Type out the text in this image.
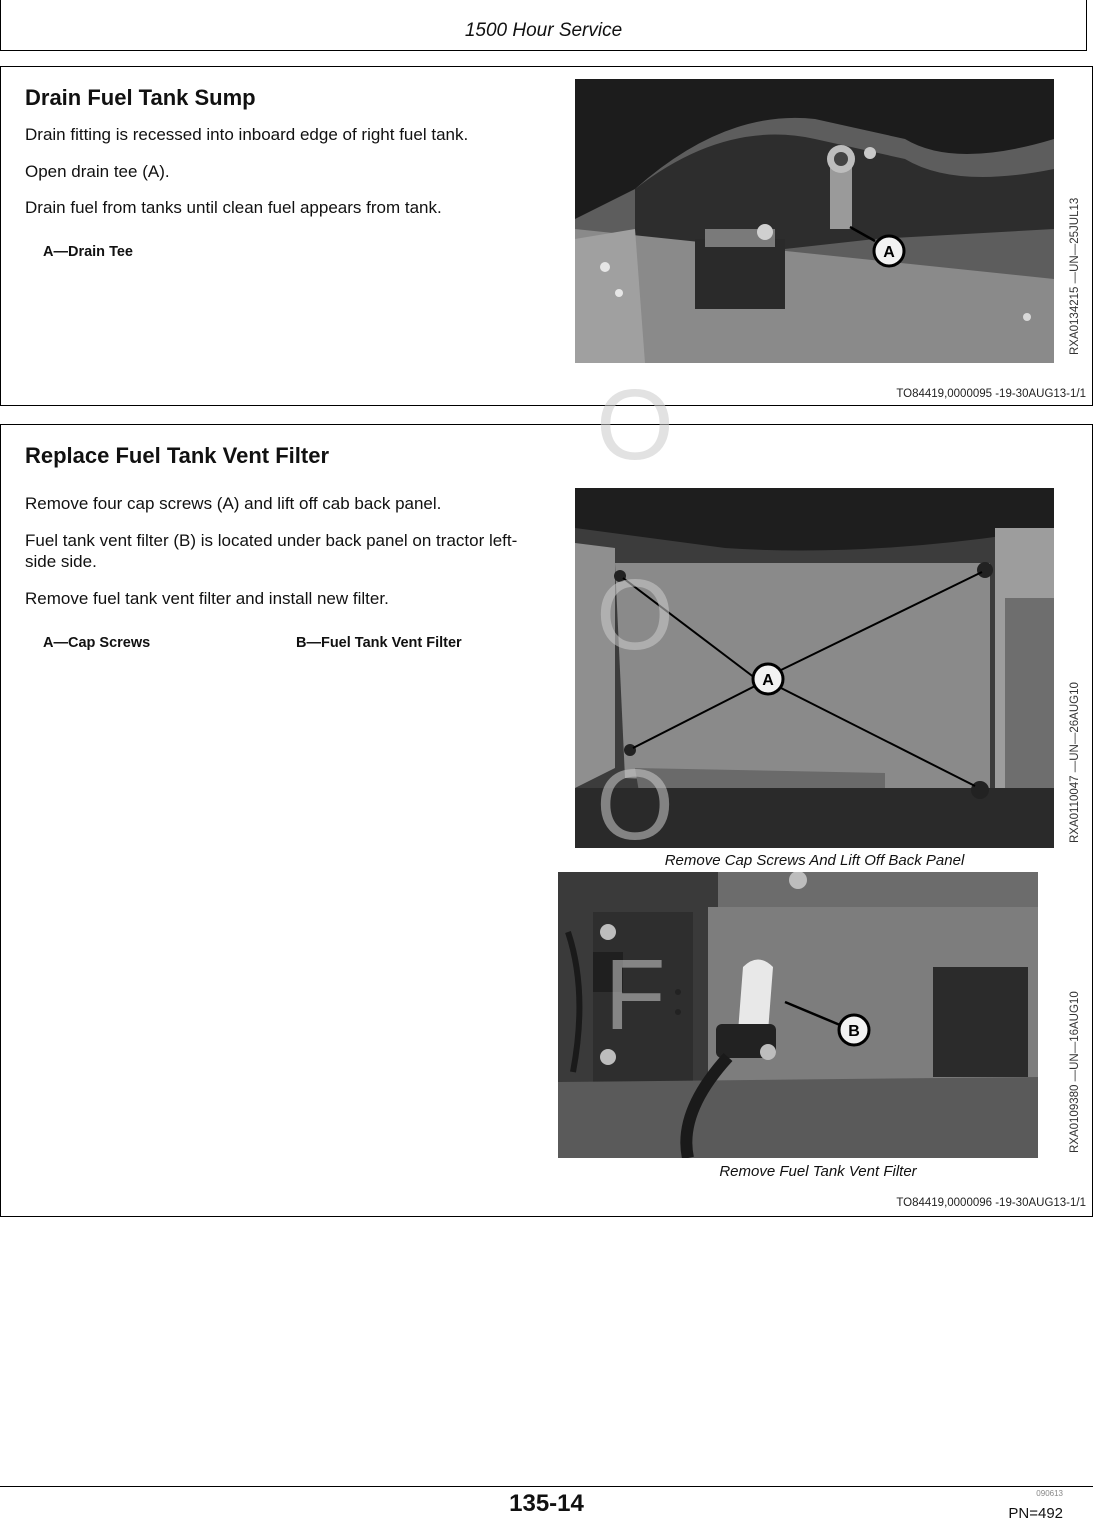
1500 Hour Service
Drain Fuel Tank Sump

Drain fitting is recessed into inboard edge of right fuel tank.

Open drain tee (A).

Drain fuel from tanks until clean fuel appears from tank.

A—Drain Tee	A	RXA0134215 —UN—25JUL13
TO84419,0000095 -19-30AUG13-1/1
Replace Fuel Tank Vent Filter

Remove four cap screws (A) and lift off cab back panel.

Fuel tank vent filter (B) is located under back panel on tractor left-side side.

Remove fuel tank vent filter and install new filter.

A—Cap Screws	B—Fuel Tank Vent Filter
A
RXA0110047 —UN—26AUG10
Remove Cap Screws And Lift Off Back Panel
B	RXA0109380 —UN—16AUG10
Remove Fuel Tank Vent Filter
TO84419,0000096 -19-30AUG13-1/1
O
O
O
F
135-14	090613
PN=492
